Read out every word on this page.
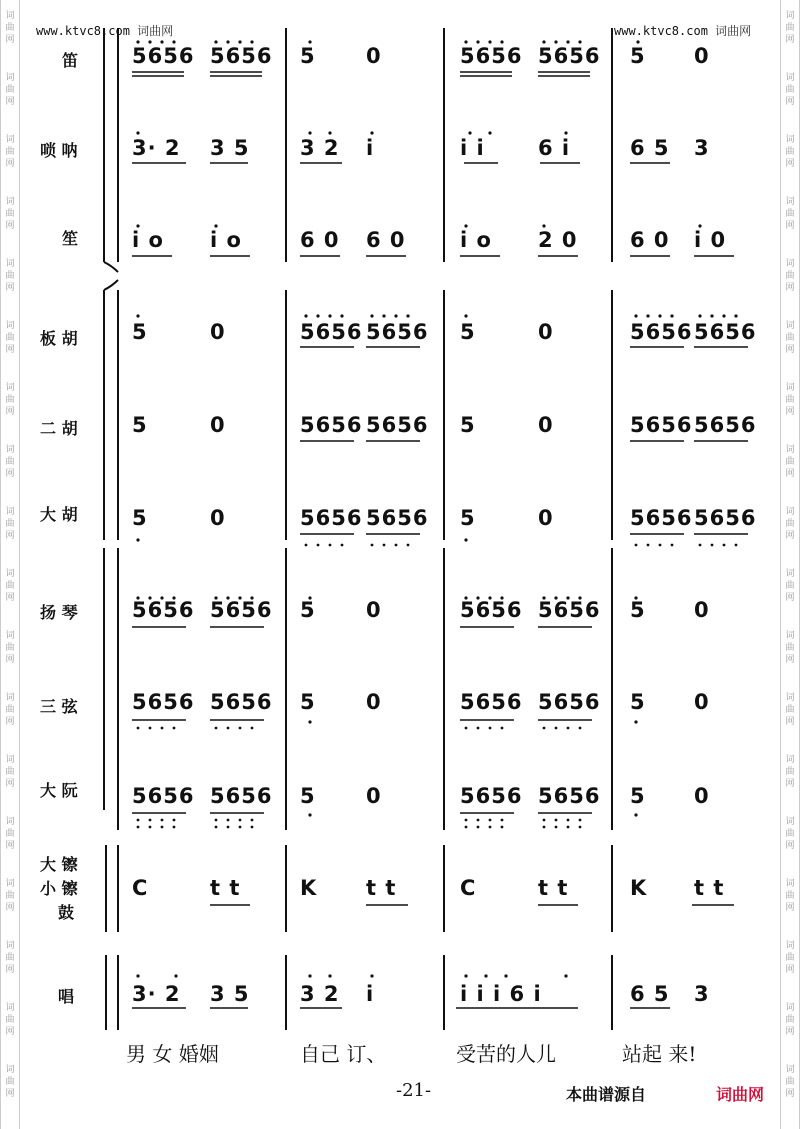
词曲网
词曲网
词曲网
词曲网
词曲网
词曲网
词曲网
词曲网
词曲网
词曲网
词曲网
词曲网
词曲网
词曲网
词曲网
词曲网
词曲网
词曲网
词曲网
词曲网
词曲网
词曲网
词曲网
词曲网
词曲网
词曲网
词曲网
词曲网
词曲网
词曲网
词曲网
词曲网
词曲网
词曲网
词曲网
词曲网
www.ktvc8.com 词曲网	www.ktvc8.com 词曲网
笛
唢 呐
笙
板 胡
二 胡
大 胡
扬 琴
三 弦
大 阮
大 镲
小 镲
鼓
唱
5656 5656 5 0	5656 5656 5 0
3· 2 3 5 3 2 i	i i	6 i	6 5 3
i o i o	6 0 6 0	i o 2 0 6 0 i 0
5	0	5656 5656 5	0	5656 5656
5	0	5656 5656 5	0	5656 5656
5	0	5656 5656 5	0	5656 5656
5656 5656 5 0	5656 5656 5 0
5656 5656 5 0	5656 5656 5 0
5656 5656 5 0	5656 5656 5 0
C	t t	K t t	C	t t	K t t
3· 2 3 5 3 2 i	i i i 6 i	6 5 3
男 女 婚姻	自己 订、	受苦的人儿	站起 来!
-21-	本曲谱源自	词曲网
